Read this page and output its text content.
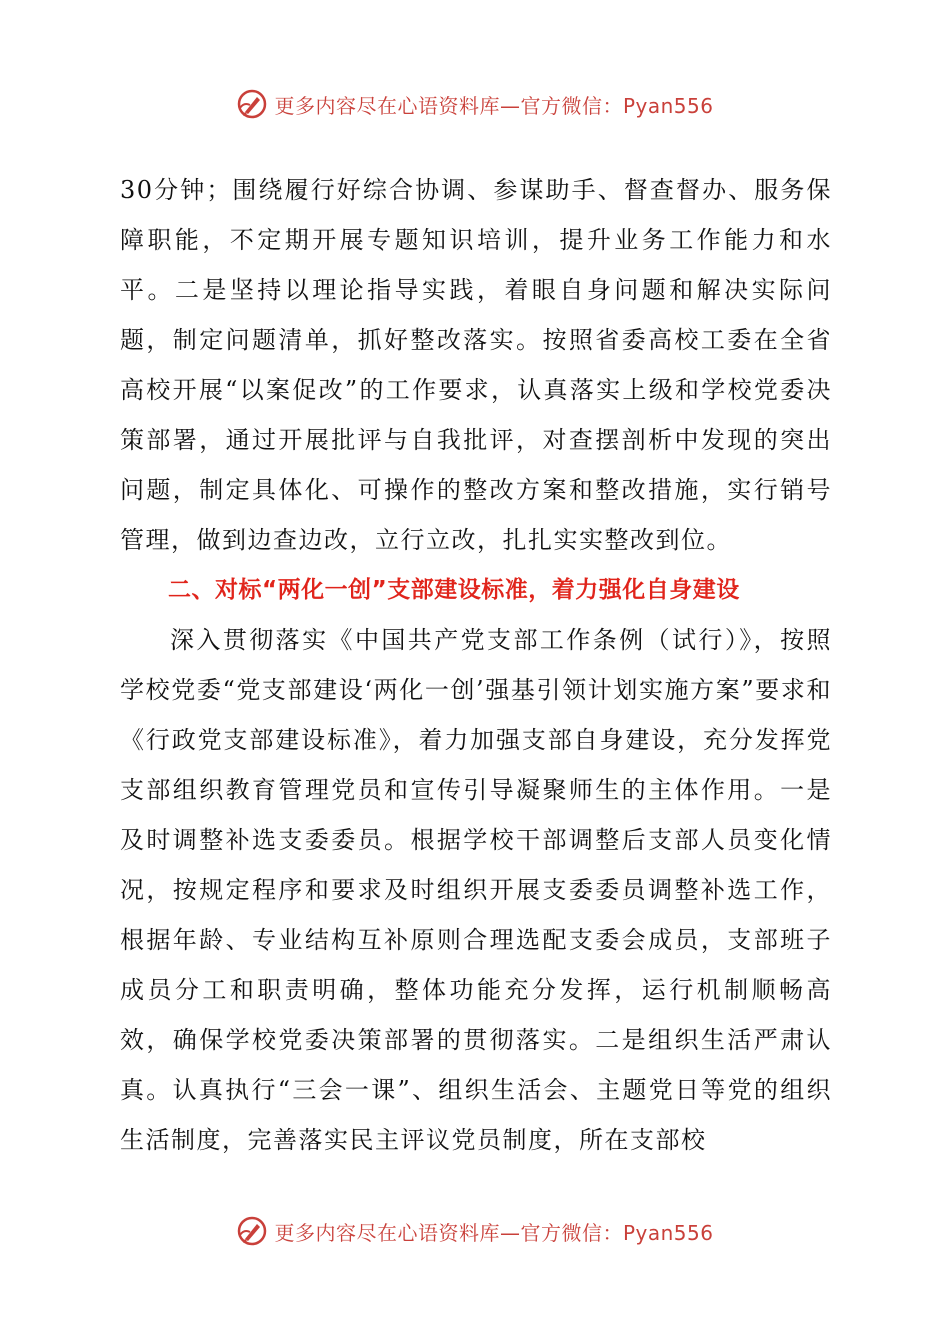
更多内容尽在心语资料库—官方微信：Pyan556

30分钟；围绕履行好综合协调、参谋助手、督查督办、服务保障职能，不定期开展专题知识培训，提升业务工作能力和水平。二是坚持以理论指导实践，着眼自身问题和解决实际问题，制定问题清单，抓好整改落实。按照省委高校工委在全省高校开展“以案促改”的工作要求，认真落实上级和学校党委决策部署，通过开展批评与自我批评，对查摆剖析中发现的突出问题，制定具体化、可操作的整改方案和整改措施，实行销号管理，做到边查边改，立行立改，扎扎实实整改到位。

二、对标“两化一创”支部建设标准，着力强化自身建设

深入贯彻落实《中国共产党支部工作条例（试行）》，按照学校党委“党支部建设‘两化一创’强基引领计划实施方案”要求和《行政党支部建设标准》，着力加强支部自身建设，充分发挥党支部组织教育管理党员和宣传引导凝聚师生的主体作用。一是及时调整补选支委委员。根据学校干部调整后支部人员变化情况，按规定程序和要求及时组织开展支委委员调整补选工作，根据年龄、专业结构互补原则合理选配支委会成员，支部班子成员分工和职责明确，整体功能充分发挥，运行机制顺畅高效，确保学校党委决策部署的贯彻落实。二是组织生活严肃认真。认真执行“三会一课”、组织生活会、主题党日等党的组织生活制度，完善落实民主评议党员制度，所在支部校

更多内容尽在心语资料库—官方微信：Pyan556
